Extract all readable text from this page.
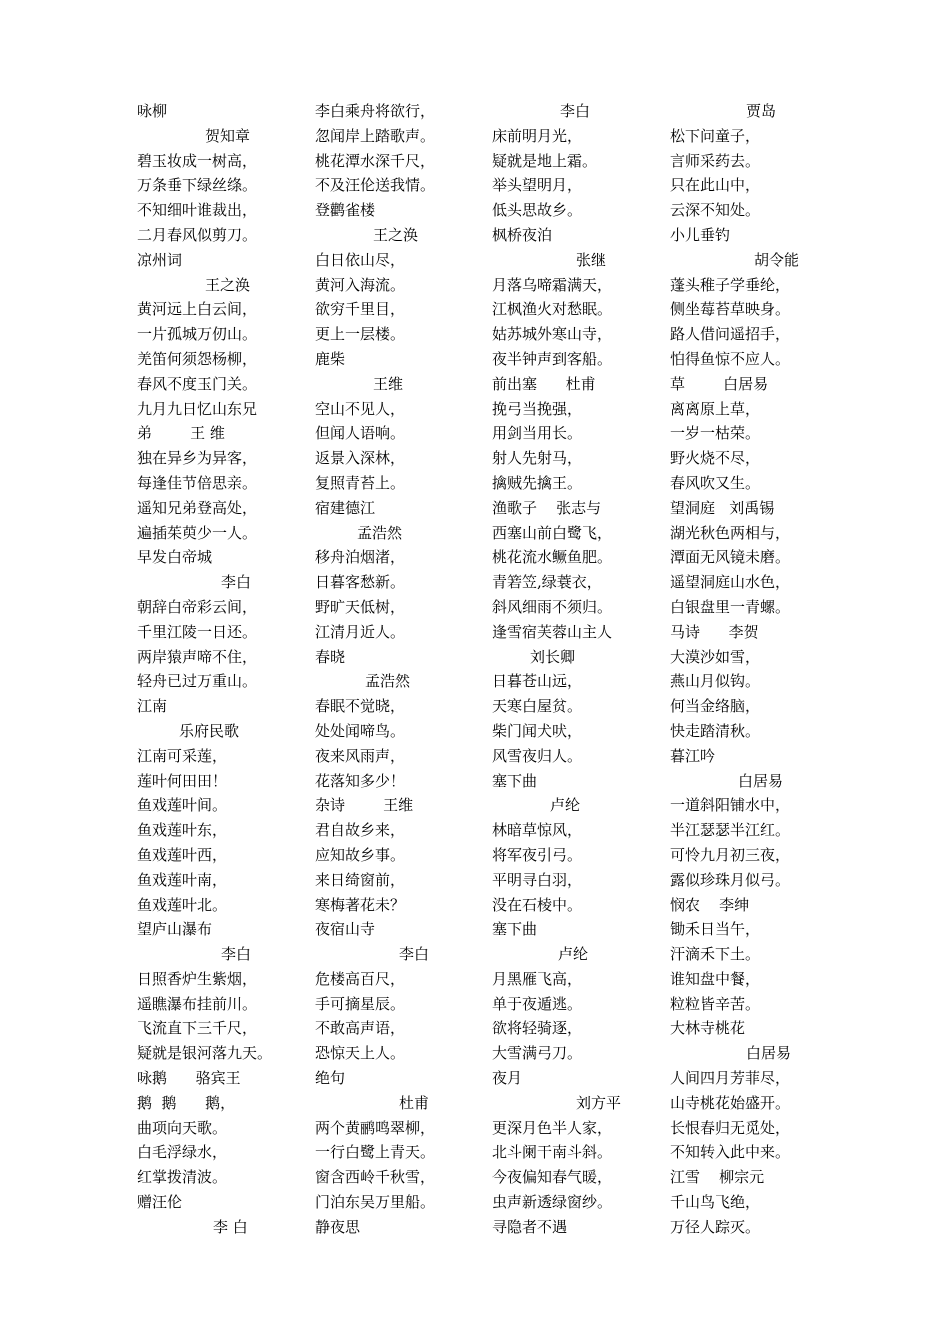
咏柳
贺知章
碧玉妆成一树高，
万条垂下绿丝绦。
不知细叶谁裁出，
二月春风似剪刀。
凉州词
王之涣
黄河远上白云间，
一片孤城万仞山。
羌笛何须怨杨柳，
春风不度玉门关。
九月九日忆山东兄
弟        王 维
独在异乡为异客，
每逢佳节倍思亲。
遥知兄弟登高处，
遍插茱萸少一人。
早发白帝城
李白
朝辞白帝彩云间，
千里江陵一日还。
两岸猿声啼不住，
轻舟已过万重山。
江南
乐府民歌
江南可采莲，
莲叶何田田！
鱼戏莲叶间。
鱼戏莲叶东，
鱼戏莲叶西，
鱼戏莲叶南，
鱼戏莲叶北。
望庐山瀑布
李白
日照香炉生紫烟，
遥瞧瀑布挂前川。
飞流直下三千尺，
疑就是银河落九天。
咏鹅      骆宾王
鹅  鹅      鹅，
曲项向天歌。
白毛浮绿水，
红掌拨清波。
赠汪伦
李 白
李白乘舟将欲行，
忽闻岸上踏歌声。
桃花潭水深千尺，
不及汪伦送我情。
登鹳雀楼
王之涣
白日依山尽，
黄河入海流。
欲穷千里目，
更上一层楼。
鹿柴
王维
空山不见人，
但闻人语响。
返景入深林，
复照青苔上。
宿建德江
孟浩然
移舟泊烟渚，
日暮客愁新。
野旷天低树，
江清月近人。
春晓
孟浩然
春眠不觉晓，
处处闻啼鸟。
夜来风雨声，
花落知多少！
杂诗        王维
君自故乡来，
应知故乡事。
来日绮窗前，
寒梅著花未？
夜宿山寺
李白
危楼高百尺，
手可摘星辰。
不敢高声语，
恐惊天上人。
绝句
杜甫
两个黄鹂鸣翠柳，
一行白鹭上青天。
窗含西岭千秋雪，
门泊东吴万里船。
静夜思
李白
床前明月光，
疑就是地上霜。
举头望明月，
低头思故乡。
枫桥夜泊
张继
月落乌啼霜满天，
江枫渔火对愁眠。
姑苏城外寒山寺，
夜半钟声到客船。
前出塞      杜甫
挽弓当挽强，
用剑当用长。
射人先射马，
擒贼先擒王。
渔歌子    张志与
西塞山前白鹭飞，
桃花流水鳜鱼肥。
青箬笠,绿蓑衣，
斜风细雨不须归。
逢雪宿芙蓉山主人
刘长卿
日暮苍山远，
天寒白屋贫。
柴门闻犬吠，
风雪夜归人。
塞下曲
卢纶
林暗草惊风，
将军夜引弓。
平明寻白羽，
没在石棱中。
塞下曲
卢纶
月黑雁飞高，
单于夜遁逃。
欲将轻骑逐，
大雪满弓刀。
夜月
刘方平
更深月色半人家，
北斗阑干南斗斜。
今夜偏知春气暖，
虫声新透绿窗纱。
寻隐者不遇
贾岛
松下问童子，
言师采药去。
只在此山中，
云深不知处。
小儿垂钓
胡令能
蓬头稚子学垂纶，
侧坐莓苔草映身。
路人借问遥招手，
怕得鱼惊不应人。
草        白居易
离离原上草，
一岁一枯荣。
野火烧不尽，
春风吹又生。
望洞庭   刘禹锡
湖光秋色两相与，
潭面无风镜未磨。
遥望洞庭山水色，
白银盘里一青螺。
马诗      李贺
大漠沙如雪，
燕山月似钩。
何当金络脑，
快走踏清秋。
暮江吟
白居易
一道斜阳铺水中，
半江瑟瑟半江红。
可怜九月初三夜，
露似珍珠月似弓。
悯农    李绅
锄禾日当午，
汗滴禾下土。
谁知盘中餐，
粒粒皆辛苦。
大林寺桃花
白居易
人间四月芳菲尽，
山寺桃花始盛开。
长恨春归无觅处，
不知转入此中来。
江雪    柳宗元
千山鸟飞绝，
万径人踪灭。
